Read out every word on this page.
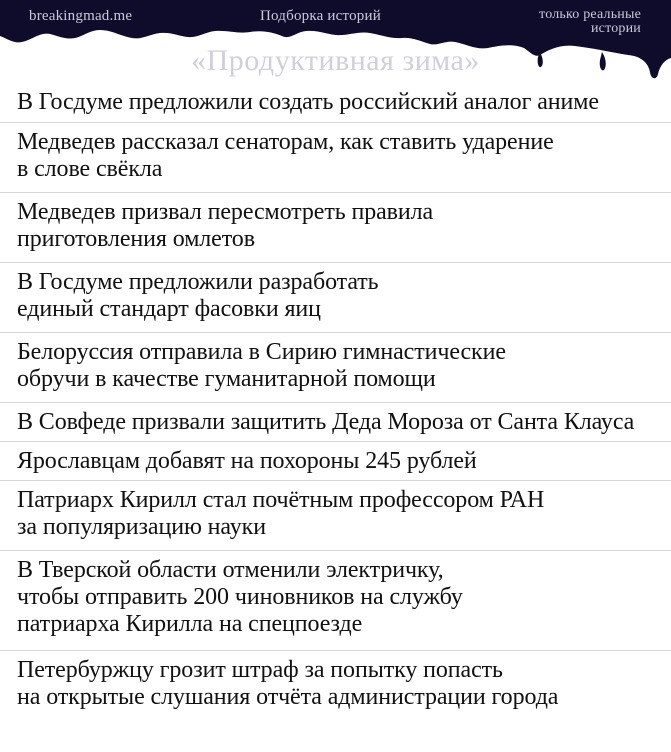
breakingmad.me	Подборка историй	только реальные
истории
«Продуктивная зима»
В Госдуме предложили создать российский аналог аниме
Медведев рассказал сенаторам, как ставить ударение
в слове свёкла
Медведев призвал пересмотреть правила
приготовления омлетов
В Госдуме предложили разработать
единый стандарт фасовки яиц
Белоруссия отправила в Сирию гимнастические
обручи в качестве гуманитарной помощи
В Совфеде призвали защитить Деда Мороза от Санта Клауса
Ярославцам добавят на похороны 245 рублей
Патриарх Кирилл стал почётным профессором РАН
за популяризацию науки
В Тверской области отменили электричку,
чтобы отправить 200 чиновников на службу
патриарха Кирилла на спецпоезде
Петербуржцу грозит штраф за попытку попасть
на открытые слушания отчёта администрации города
